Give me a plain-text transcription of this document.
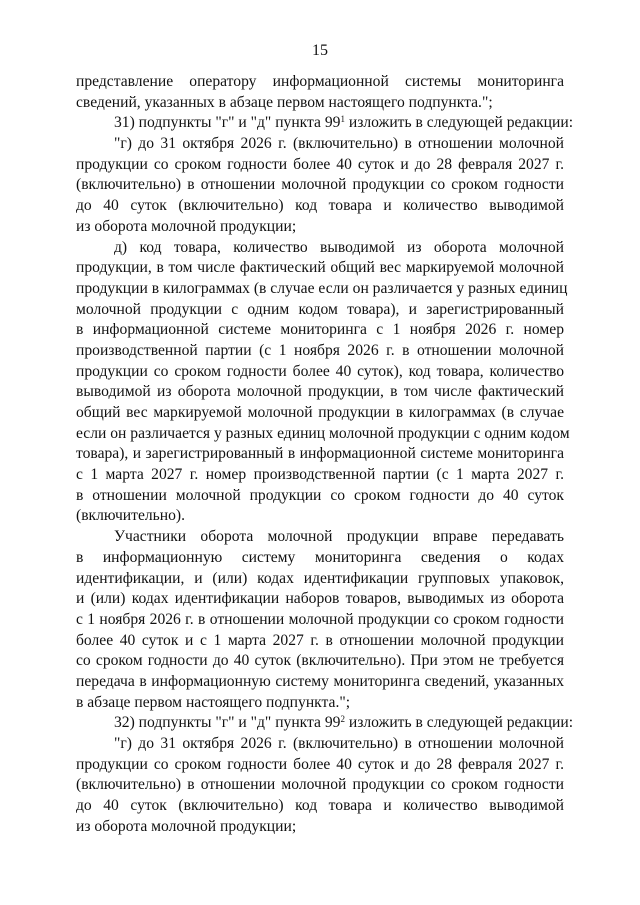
15
представление оператору информационной системы мониторинга
сведений, указанных в абзаце первом настоящего подпункта.";
31) подпункты "г" и "д" пункта $99^1$ изложить в следующей редакции:
"г) до 31 октября 2026 г. (включительно) в отношении молочной
продукции со сроком годности более 40 суток и до 28 февраля 2027 г.
(включительно) в отношении молочной продукции со сроком годности
до 40 суток (включительно) код товара и количество выводимой
из оборота молочной продукции;
д) код товара, количество выводимой из оборота молочной
продукции, в том числе фактический общий вес маркируемой молочной
продукции в килограммах (в случае если он различается у разных единиц
молочной продукции с одним кодом товара), и зарегистрированный
в информационной системе мониторинга с 1 ноября 2026 г. номер
производственной партии (с 1 ноября 2026 г. в отношении молочной
продукции со сроком годности более 40 суток), код товара, количество
выводимой из оборота молочной продукции, в том числе фактический
общий вес маркируемой молочной продукции в килограммах (в случае
если он различается у разных единиц молочной продукции с одним кодом
товара), и зарегистрированный в информационной системе мониторинга
с 1 марта 2027 г. номер производственной партии (с 1 марта 2027 г.
в отношении молочной продукции со сроком годности до 40 суток
(включительно).
Участники оборота молочной продукции вправе передавать
в информационную систему мониторинга сведения о кодах
идентификации, и (или) кодах идентификации групповых упаковок,
и (или) кодах идентификации наборов товаров, выводимых из оборота
с 1 ноября 2026 г. в отношении молочной продукции со сроком годности
более 40 суток и с 1 марта 2027 г. в отношении молочной продукции
со сроком годности до 40 суток (включительно). При этом не требуется
передача в информационную систему мониторинга сведений, указанных
в абзаце первом настоящего подпункта.";
32) подпункты "г" и "д" пункта $99^2$ изложить в следующей редакции:
"г) до 31 октября 2026 г. (включительно) в отношении молочной
продукции со сроком годности более 40 суток и до 28 февраля 2027 г.
(включительно) в отношении молочной продукции со сроком годности
до 40 суток (включительно) код товара и количество выводимой
из оборота молочной продукции;
